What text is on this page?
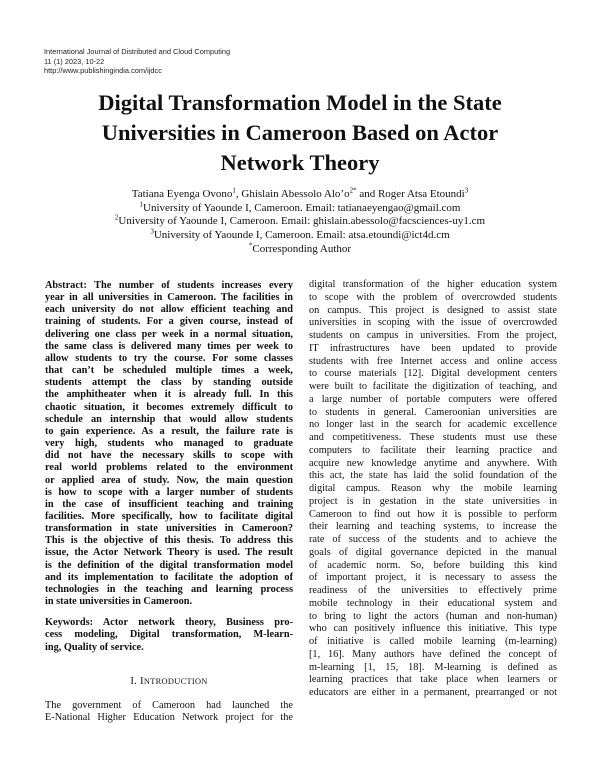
International Journal of Distributed and Cloud Computing
11 (1) 2023, 10-22
http://www.publishingindia.com/ijdcc
Digital Transformation Model in the State
Universities in Cameroon Based on Actor
Network Theory
Tatiana Eyenga Ovono$^1$, Ghislain Abessolo $Alo’o^{2*}$ and Roger Atsa Etoundi$^3$
$^1$University of Yaounde I, Cameroon. Email: tatianaeyengao@gmail.com
$^2$University of Yaounde I, Cameroon. Email: ghislain.abessolo@facsciences-uy1.cm
$^3$University of Yaounde I, Cameroon. Email: atsa.etoundi@ict4d.cm
*Corresponding Author
Abstract: The number of students increases every
year in all universities in Cameroon. The facilities in
each university do not allow efficient teaching and
training of students. For a given course, instead of
delivering one class per week in a normal situation,
the same class is delivered many times per week to
allow students to try the course. For some classes
that can’t be scheduled multiple times a week,
students attempt the class by standing outside
the amphitheater when it is already full. In this
chaotic situation, it becomes extremely difficult to
schedule an internship that would allow students
to gain experience. As a result, the failure rate is
very high, students who managed to graduate
did not have the necessary skills to scope with
real world problems related to the environment
or applied area of study. Now, the main question
is how to scope with a larger number of students
in the case of insufficient teaching and training
facilities. More specifically, how to facilitate digital
transformation in state universities in Cameroon?
This is the objective of this thesis. To address this
issue, the Actor Network Theory is used. The result
is the definition of the digital transformation model
and its implementation to facilitate the adoption of
technologies in the teaching and learning process
in state universities in Cameroon.
Keywords: Actor network theory, Business pro-
cess modeling, Digital transformation, M-learn-
ing, Quality of service.
I. INTRODUCTION
The government of Cameroon had launched the
E-National Higher Education Network project for the
digital transformation of the higher education system
to scope with the problem of overcrowded students
on campus. This project is designed to assist state
universities in scoping with the issue of overcrowded
students on campus in universities. From the project,
IT infrastructures have been updated to provide
students with free Internet access and online access
to course materials [12]. Digital development centers
were built to facilitate the digitization of teaching, and
a large number of portable computers were offered
to students in general. Cameroonian universities are
no longer last in the search for academic excellence
and competitiveness. These students must use these
computers to facilitate their learning practice and
acquire new knowledge anytime and anywhere. With
this act, the state has laid the solid foundation of the
digital campus. Reason why the mobile learning
project is in gestation in the state universities in
Cameroon to find out how it is possible to perform
their learning and teaching systems, to increase the
rate of success of the students and to achieve the
goals of digital governance depicted in the manual
of academic norm. So, before building this kind
of important project, it is necessary to assess the
readiness of the universities to effectively prime
mobile technology in their educational system and
to bring to light the actors (human and non-human)
who can positively influence this initiative. This type
of initiative is called mobile learning (m-learning)
[1, 16]. Many authors have defined the concept of
m-learning [1, 15, 18]. M-learning is defined as
learning practices that take place when learners or
educators are either in a permanent, prearranged or not
